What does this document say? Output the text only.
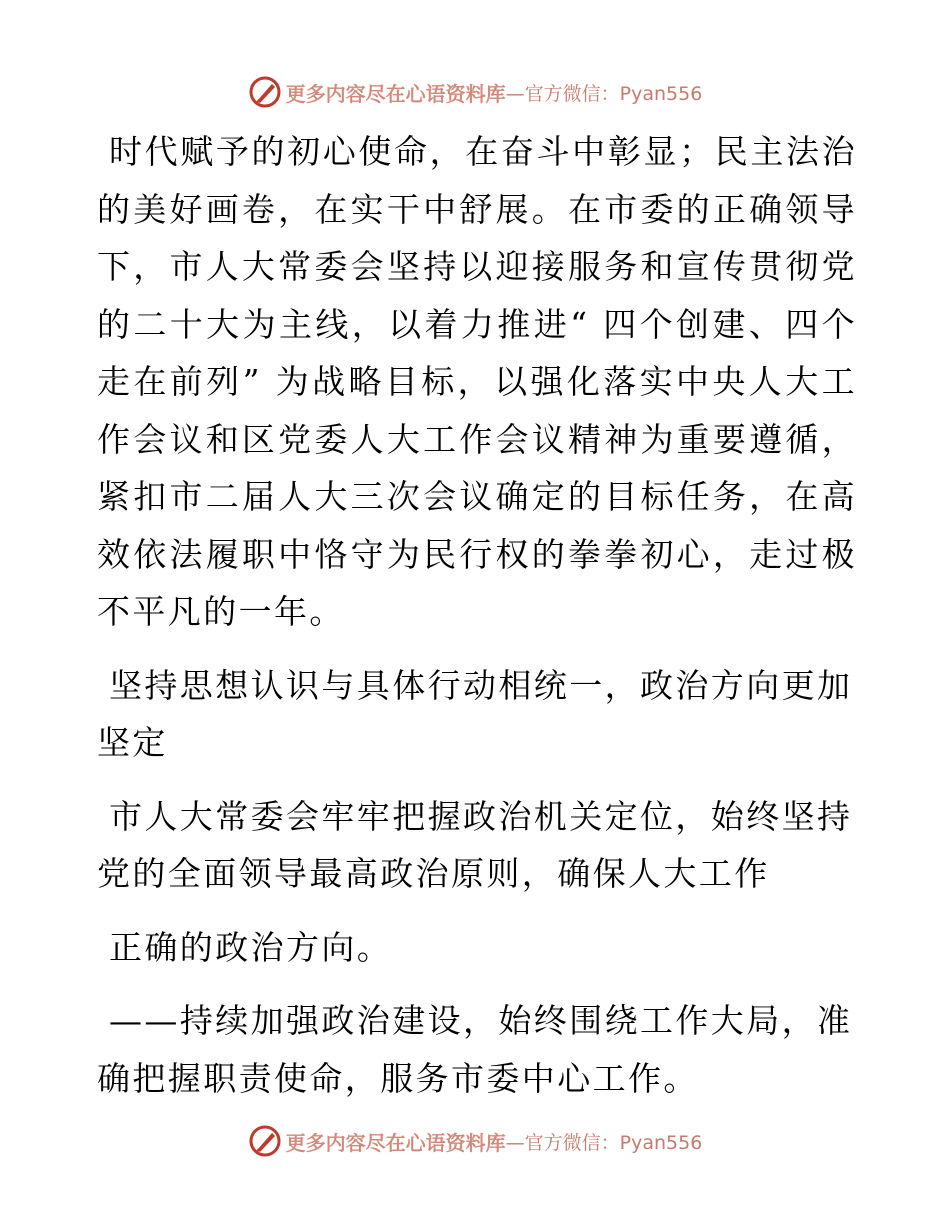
更多内容尽在心语资料库 —官方微信：Pyan556

时代赋予的初心使命，在奋斗中彰显；民主法治的美好画卷，在实干中舒展。在市委的正确领导下，市人大常委会坚持以迎接服务和宣传贯彻党的二十大为主线，以着力推进“ 四个创建、四个走在前列” 为战略目标，以强化落实中央人大工作会议和区党委人大工作会议精神为重要遵循，紧扣市二届人大三次会议确定的目标任务，在高效依法履职中恪守为民行权的拳拳初心，走过极不平凡的一年。

坚持思想认识与具体行动相统一，政治方向更加坚定

市人大常委会牢牢把握政治机关定位，始终坚持党的全面领导最高政治原则，确保人大工作

正确的政治方向。

——持续加强政治建设，始终围绕工作大局，准确把握职责使命，服务市委中心工作。

更多内容尽在心语资料库 —官方微信：Pyan556
